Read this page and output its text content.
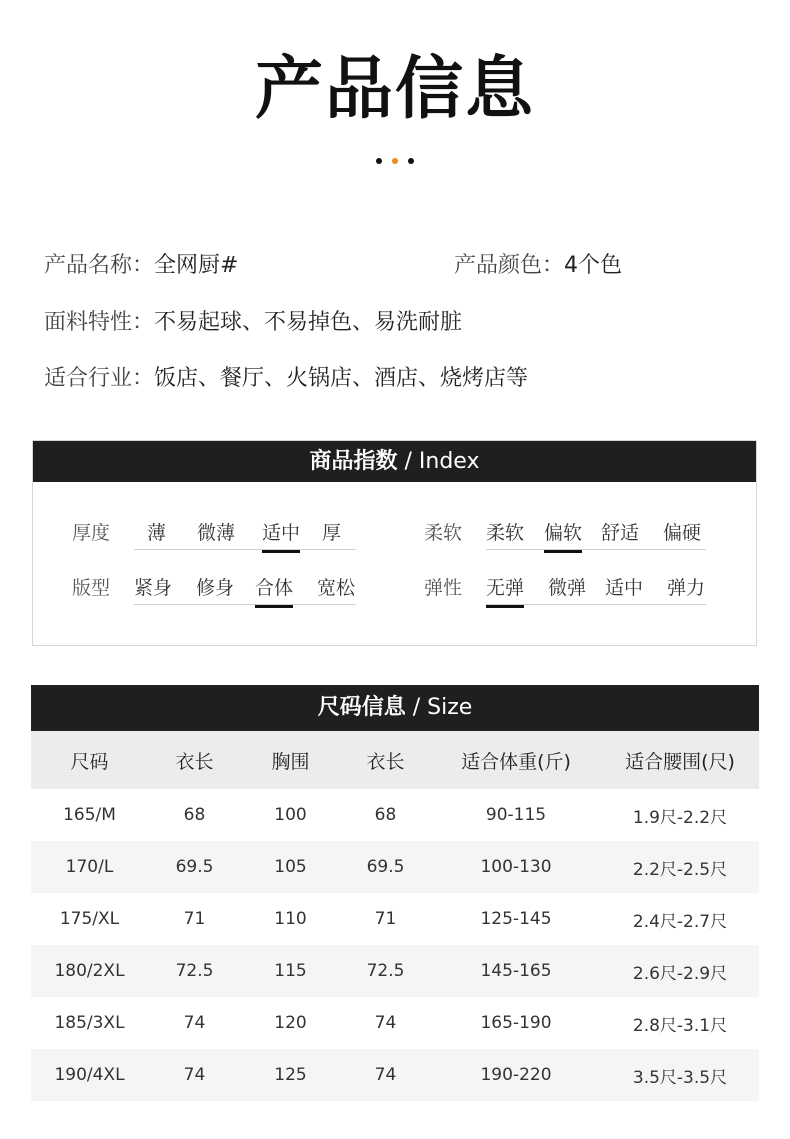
产品信息
产品名称：全网厨#	产品颜色：4个色
面料特性：不易起球、不易掉色、易洗耐脏
适合行业：饭店、餐厅、火锅店、酒店、烧烤店等
商品指数 / Index
厚度 薄 微薄 适中 厚	柔软 柔软 偏软 舒适 偏硬
版型 紧身 修身 合体 宽松	弹性 无弹 微弹 适中 弹力
尺码信息 / Size
尺码	衣长	胸围	衣长	适合体重(斤)	适合腰围(尺)
165/M	68	100	68	90-115	1.9尺-2.2尺
170/L	69.5	105	69.5	100-130	2.2尺-2.5尺
175/XL	71	110	71	125-145	2.4尺-2.7尺
180/2XL	72.5	115	72.5	145-165	2.6尺-2.9尺
185/3XL	74	120	74	165-190	2.8尺-3.1尺
190/4XL	74	125	74	190-220	3.5尺-3.5尺
